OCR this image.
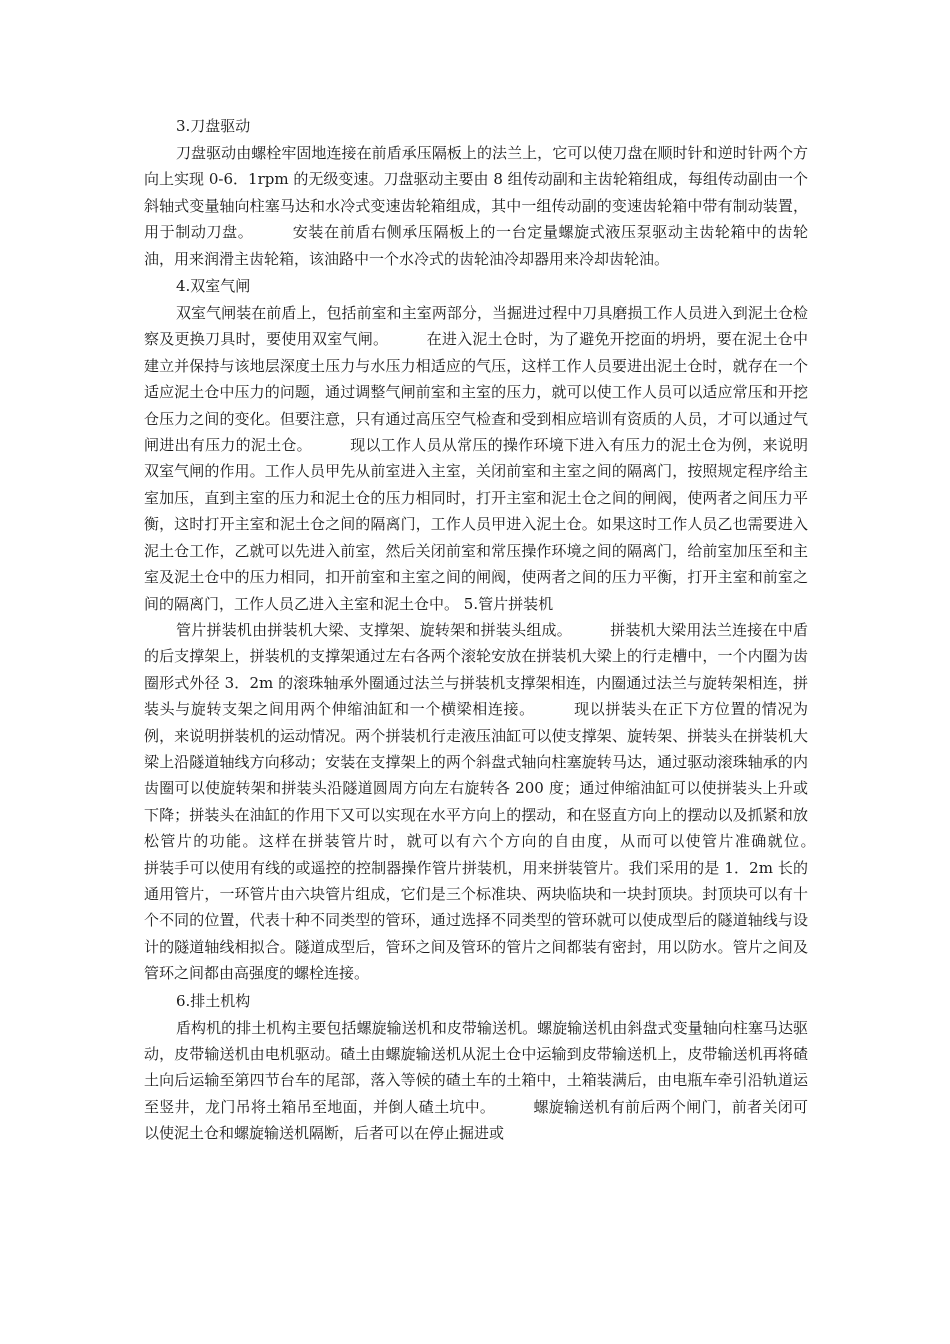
3.刀盘驱动

刀盘驱动由螺栓牢固地连接在前盾承压隔板上的法兰上，它可以使刀盘在顺时针和逆时针两个方向上实现 0-6．1rpm 的无级变速。刀盘驱动主要由 8 组传动副和主齿轮箱组成，每组传动副由一个斜轴式变量轴向柱塞马达和水冷式变速齿轮箱组成，其中一组传动副的变速齿轮箱中带有制动装置，用于制动刀盘。　　　安装在前盾右侧承压隔板上的一台定量螺旋式液压泵驱动主齿轮箱中的齿轮油，用来润滑主齿轮箱，该油路中一个水冷式的齿轮油冷却器用来冷却齿轮油。

4.双室气闸

双室气闸装在前盾上，包括前室和主室两部分，当掘进过程中刀具磨损工作人员进入到泥土仓检察及更换刀具时，要使用双室气闸。　　　在进入泥土仓时，为了避免开挖面的坍坍，要在泥土仓中建立并保持与该地层深度土压力与水压力相适应的气压，这样工作人员要进出泥土仓时，就存在一个适应泥土仓中压力的问题，通过调整气闸前室和主室的压力，就可以使工作人员可以适应常压和开挖仓压力之间的变化。但要注意，只有通过高压空气检查和受到相应培训有资质的人员，才可以通过气闸进出有压力的泥土仓。　　　现以工作人员从常压的操作环境下进入有压力的泥土仓为例，来说明双室气闸的作用。工作人员甲先从前室进入主室，关闭前室和主室之间的隔离门，按照规定程序给主室加压，直到主室的压力和泥土仓的压力相同时，打开主室和泥土仓之间的闸阀，使两者之间压力平衡，这时打开主室和泥土仓之间的隔离门，工作人员甲进入泥土仓。如果这时工作人员乙也需要进入泥土仓工作，乙就可以先进入前室，然后关闭前室和常压操作环境之间的隔离门，给前室加压至和主室及泥土仓中的压力相同，扣开前室和主室之间的闸阀，使两者之间的压力平衡，打开主室和前室之间的隔离门，工作人员乙进入主室和泥土仓中。 5.管片拼装机

管片拼装机由拼装机大梁、支撑架、旋转架和拼装头组成。　　　拼装机大梁用法兰连接在中盾的后支撑架上，拼装机的支撑架通过左右各两个滚轮安放在拼装机大梁上的行走槽中，一个内圈为齿圈形式外径 3．2m 的滚珠轴承外圈通过法兰与拼装机支撑架相连，内圈通过法兰与旋转架相连，拼装头与旋转支架之间用两个伸缩油缸和一个横梁相连接。　　　现以拼装头在正下方位置的情况为例，来说明拼装机的运动情况。两个拼装机行走液压油缸可以使支撑架、旋转架、拼装头在拼装机大梁上沿隧道轴线方向移动；安装在支撑架上的两个斜盘式轴向柱塞旋转马达，通过驱动滚珠轴承的内齿圈可以使旋转架和拼装头沿隧道圆周方向左右旋转各 200 度；通过伸缩油缸可以使拼装头上升或下降；拼装头在油缸的作用下又可以实现在水平方向上的摆动，和在竖直方向上的摆动以及抓紧和放松管片的功能。这样在拼装管片时，就可以有六个方向的自由度，从而可以使管片准确就位。　　　拼装手可以使用有线的或遥控的控制器操作管片拼装机，用来拼装管片。我们采用的是 1．2m 长的通用管片，一环管片由六块管片组成，它们是三个标准块、两块临块和一块封顶块。封顶块可以有十个不同的位置，代表十种不同类型的管环，通过选择不同类型的管环就可以使成型后的隧道轴线与设计的隧道轴线相拟合。隧道成型后，管环之间及管环的管片之间都装有密封，用以防水。管片之间及管环之间都由高强度的螺栓连接。

6.排土机构

盾构机的排土机构主要包括螺旋输送机和皮带输送机。螺旋输送机由斜盘式变量轴向柱塞马达驱动，皮带输送机由电机驱动。碴土由螺旋输送机从泥土仓中运输到皮带输送机上，皮带输送机再将碴土向后运输至第四节台车的尾部，落入等候的碴土车的土箱中，土箱装满后，由电瓶车牵引沿轨道运至竖井，龙门吊将土箱吊至地面，并倒人碴土坑中。　　　螺旋输送机有前后两个闸门，前者关闭可以使泥土仓和螺旋输送机隔断，后者可以在停止掘进或
